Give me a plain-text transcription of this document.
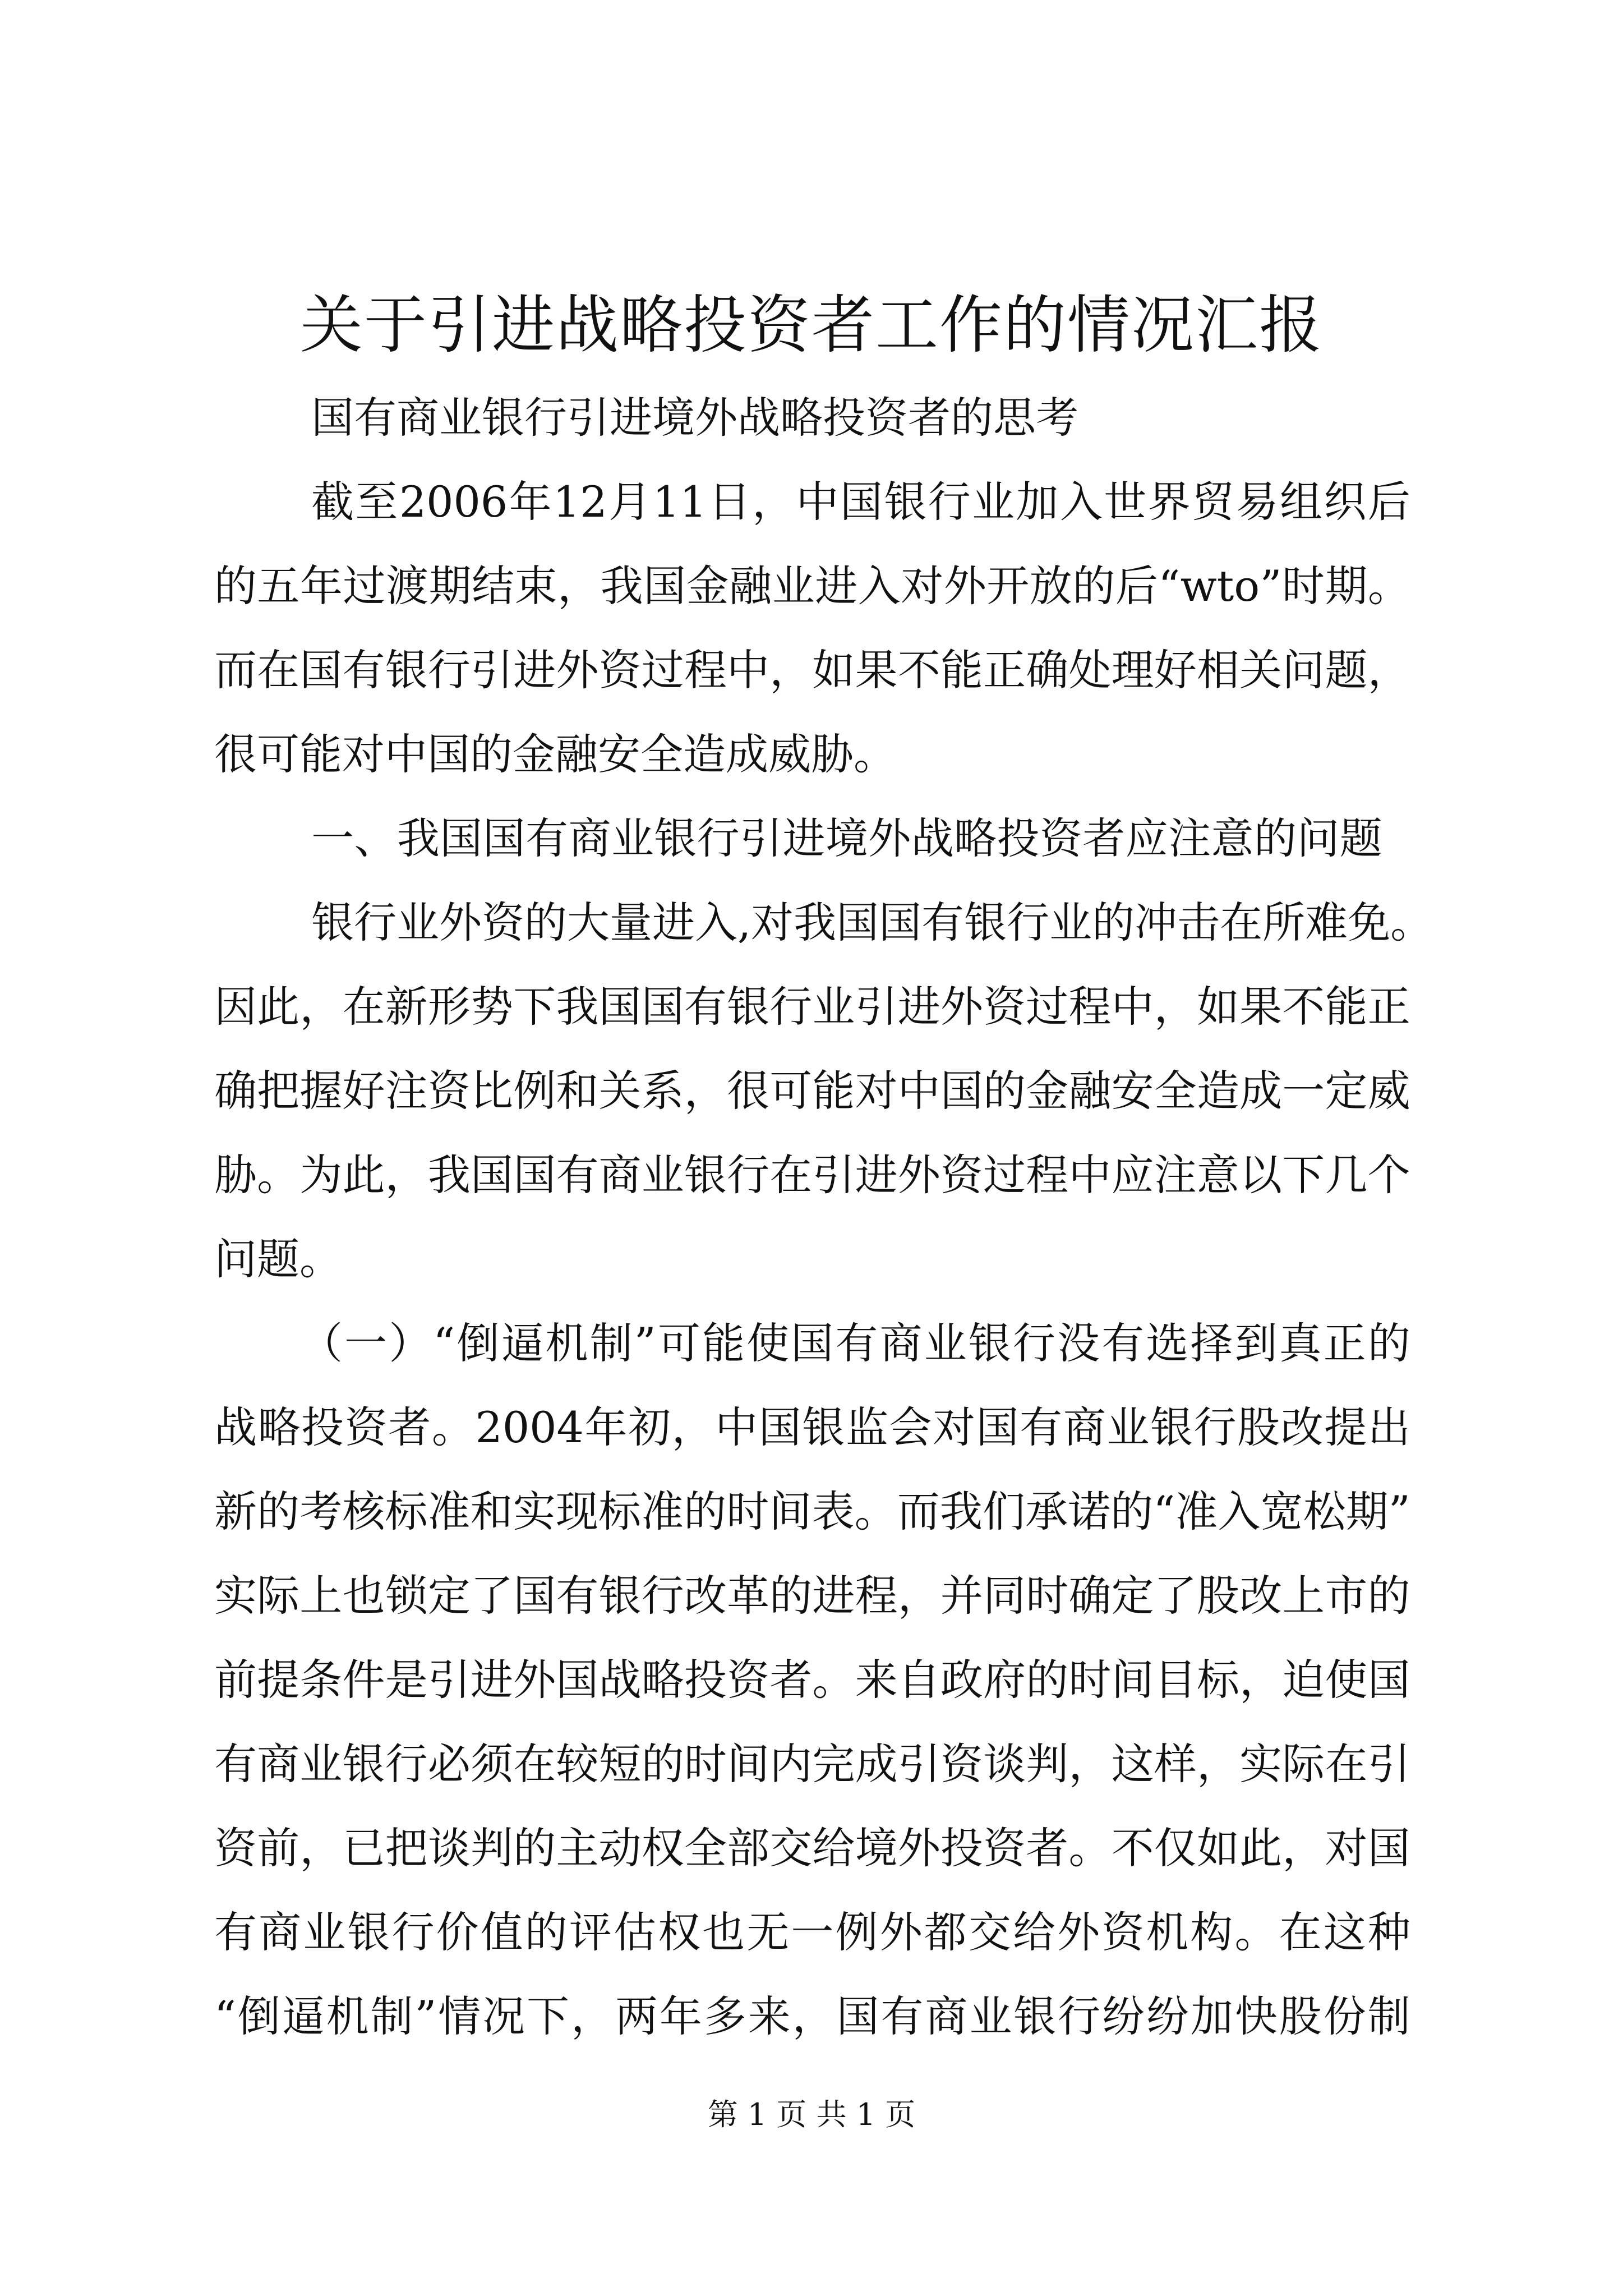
关于引进战略投资者工作的情况汇报
国有商业银行引进境外战略投资者的思考
截 至 2006 年 12 月 11 日 ， 中 国 银 行 业 加 入 世 界 贸 易 组 织 后
的 五 年 过 渡 期 结 束 ， 我 国 金 融 业 进 入 对 外 开 放 的 后 “ wto ” 时 期 。
而 在 国 有 银 行 引 进 外 资 过 程 中 ， 如 果 不 能 正 确 处 理 好 相 关 问 题 ，
很可能对中国的金融安全造成威胁。
一 、 我 国 国 有 商 业 银 行 引 进 境 外 战 略 投 资 者 应 注 意 的 问 题
银 行 业 外 资 的 大 量 进 入 , 对 我 国 国 有 银 行 业 的 冲 击 在 所 难 免 。
因 此 ， 在 新 形 势 下 我 国 国 有 银 行 业 引 进 外 资 过 程 中 ， 如 果 不 能 正
确 把 握 好 注 资 比 例 和 关 系 ， 很 可 能 对 中 国 的 金 融 安 全 造 成 一 定 威
胁 。 为 此 ， 我 国 国 有 商 业 银 行 在 引 进 外 资 过 程 中 应 注 意 以 下 几 个
问题。
（ 一 ） “ 倒 逼 机 制 ” 可 能 使 国 有 商 业 银 行 没 有 选 择 到 真 正 的
战 略 投 资 者 。 2004 年 初 ， 中 国 银 监 会 对 国 有 商 业 银 行 股 改 提 出
新 的 考 核 标 准 和 实 现 标 准 的 时 间 表 。 而 我 们 承 诺 的 “ 准 入 宽 松 期 ”
实 际 上 也 锁 定 了 国 有 银 行 改 革 的 进 程 ， 并 同 时 确 定 了 股 改 上 市 的
前 提 条 件 是 引 进 外 国 战 略 投 资 者 。 来 自 政 府 的 时 间 目 标 ， 迫 使 国
有 商 业 银 行 必 须 在 较 短 的 时 间 内 完 成 引 资 谈 判 ， 这 样 ， 实 际 在 引
资 前 ， 已 把 谈 判 的 主 动 权 全 部 交 给 境 外 投 资 者 。 不 仅 如 此 ， 对 国
有 商 业 银 行 价 值 的 评 估 权 也 无 一 例 外 都 交 给 外 资 机 构 。 在 这 种
“ 倒 逼 机 制 ” 情 况 下 ， 两 年 多 来 ， 国 有 商 业 银 行 纷 纷 加 快 股 份 制
第 1 页 共 1 页
